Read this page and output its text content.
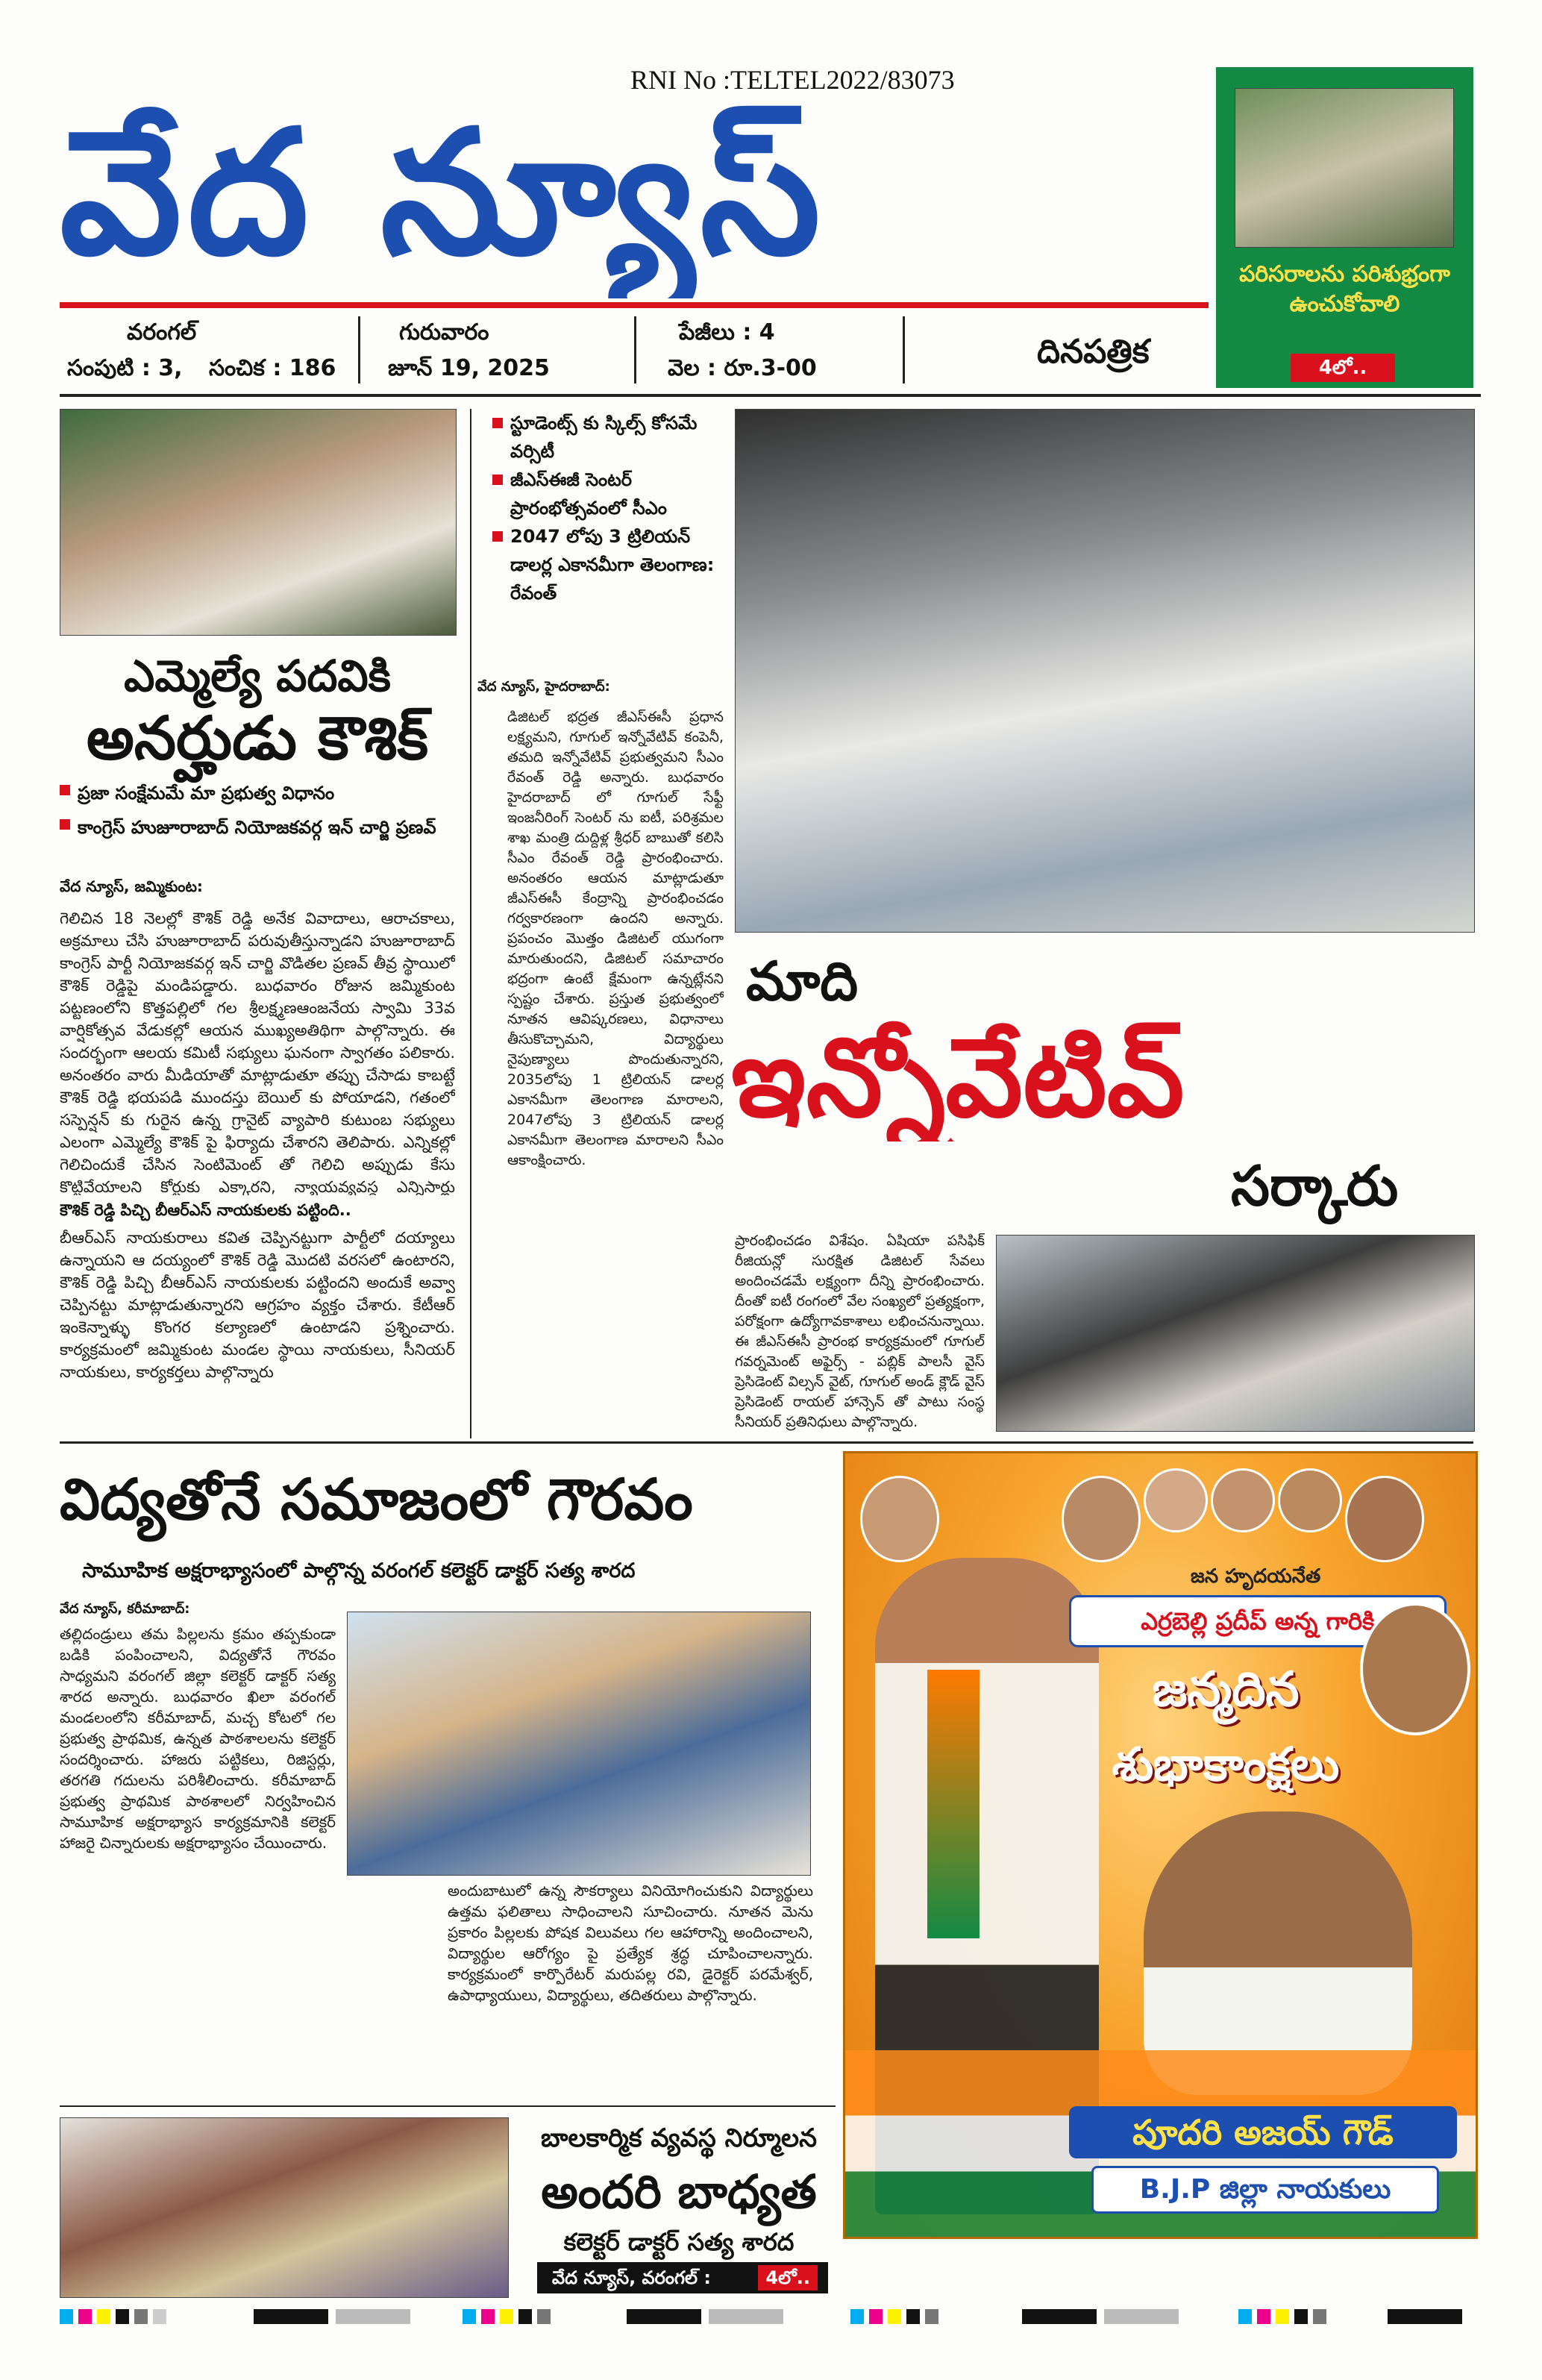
RNI No :TELTEL2022/83073
వేద న్యూస్
వరంగల్
సంపుటి : 3, సంచిక : 186
గురువారం
జూన్ 19, 2025
పేజీలు : 4
వెల : రూ.3-00	దినపత్రిక
పరిసరాలను పరిశుభ్రంగా ఉంచుకోవాలి
4లో..
ఎమ్మెల్యే పదవికి
అనర్హుడు కౌశిక్
ప్రజా సంక్షేమమే మా ప్రభుత్వ విధానం
కాంగ్రెస్ హుజూరాబాద్ నియోజకవర్గ ఇన్ చార్జి ప్రణవ్
వేద న్యూస్, జమ్మికుంట:
గెలిచిన 18 నెలల్లో కౌశిక్ రెడ్డి అనేక వివాదాలు, ఆరాచకాలు, అక్రమాలు చేసి హుజూరాబాద్ పరువుతీస్తున్నాడని హుజూరాబాద్ కాంగ్రెస్ పార్టీ నియోజకవర్గ ఇన్ చార్జి వొడితల ప్రణవ్ తీవ్ర స్థాయిలో కౌశిక్ రెడ్డిపై మండిపడ్డారు. బుధవారం రోజున జమ్మికుంట పట్టణంలోని కొత్తపల్లిలో గల శ్రీలక్ష్మణఆంజనేయ స్వామి 33వ వార్షికోత్సవ వేడుకల్లో ఆయన ముఖ్యఅతిథిగా పాల్గొన్నారు. ఈ సందర్భంగా ఆలయ కమిటీ సభ్యులు ఘనంగా స్వాగతం పలికారు. అనంతరం వారు మీడియాతో మాట్లాడుతూ తప్పు చేసాడు కాబట్టే కౌశిక్ రెడ్డి భయపడి ముందస్తు బెయిల్ కు పోయాడని, గతంలో సస్పెన్షన్ కు గురైన ఉన్న గ్రానైట్ వ్యాపారి కుటుంబ సభ్యులు ఎలంగా ఎమ్మెల్యే కౌశిక్ పై ఫిర్యాదు చేశారని తెలిపారు. ఎన్నికల్లో గెలిచిందుకే చేసిన సెంటిమెంట్ తో గెలిచి అప్పుడు కేసు కొట్టివేయాలని కోర్టుకు ఎక్కారని, న్యాయవ్యవస్థ ఎన్నిసార్లు
కౌశిక్ రెడ్డి పిచ్చి బీఆర్ఎస్ నాయకులకు పట్టింది..
బీఆర్ఎస్ నాయకురాలు కవిత చెప్పినట్టుగా పార్టీలో దయ్యాలు ఉన్నాయని ఆ దయ్యంలో కౌశిక్ రెడ్డి మొదటి వరసలో ఉంటారని, కౌశిక్ రెడ్డి పిచ్చి బీఆర్ఎస్ నాయకులకు పట్టిందని అందుకే అవ్వా చెప్పినట్టు మాట్లాడుతున్నారని ఆగ్రహం వ్యక్తం చేశారు. కేటీఆర్ ఇంకెన్నాళ్ళు కొంగర కల్యాణలో ఉంటాడని ప్రశ్నించారు. కార్యక్రమంలో జమ్మికుంట మండల స్థాయి నాయకులు, సీనియర్ నాయకులు, కార్యకర్తలు పాల్గొన్నారు
స్టూడెంట్స్ కు స్కిల్స్ కోసమే వర్సిటీ
జీఎస్ఈజీ సెంటర్ ప్రారంభోత్సవంలో సీఎం
2047 లోపు 3 ట్రిలియన్ డాలర్ల ఎకానమీగా తెలంగాణ: రేవంత్
వేద న్యూస్, హైదరాబాద్:
డిజిటల్ భద్రత జీఎస్ఈసీ ప్రధాన లక్ష్యమని, గూగుల్ ఇన్నోవేటివ్ కంపెనీ, తమది ఇన్నోవేటివ్ ప్రభుత్వమని సీఎం రేవంత్ రెడ్డి అన్నారు. బుధవారం హైదరాబాద్ లో గూగుల్ సేఫ్టీ ఇంజనీరింగ్ సెంటర్ ను ఐటీ, పరిశ్రమల శాఖ మంత్రి దుద్దిళ్ల శ్రీధర్ బాబుతో కలిసి సీఎం రేవంత్ రెడ్డి ప్రారంభించారు. అనంతరం ఆయన మాట్లాడుతూ జీఎస్ఈసీ కేంద్రాన్ని ప్రారంభించడం గర్వకారణంగా ఉందని అన్నారు. ప్రపంచం మొత్తం డిజిటల్ యుగంగా మారుతుందని, డిజిటల్ సమాచారం భద్రంగా ఉంటే క్షేమంగా ఉన్నట్లేనని స్పష్టం చేశారు. ప్రస్తుత ప్రభుత్వంలో నూతన ఆవిష్కరణలు, విధానాలు తీసుకొచ్చామని, విద్యార్థులు నైపుణ్యాలు పొందుతున్నారని, 2035లోపు 1 ట్రిలియన్ డాలర్ల ఎకానమీగా తెలంగాణ మారాలని, 2047లోపు 3 ట్రిలియన్ డాలర్ల ఎకానమీగా తెలంగాణ మారాలని సీఎం ఆకాంక్షించారు.
మాది
ఇన్నోవేటివ్
సర్కారు
ప్రారంభించడం విశేషం. ఏషియా పసిఫిక్ రీజియన్లో సురక్షిత డిజిటల్ సేవలు అందించడమే లక్ష్యంగా దీన్ని ప్రారంభించారు. దీంతో ఐటీ రంగంలో వేల సంఖ్యలో ప్రత్యక్షంగా, పరోక్షంగా ఉద్యోగావకాశాలు లభించనున్నాయి. ఈ జీఎస్ఈసీ ప్రారంభ కార్యక్రమంలో గూగుల్ గవర్నమెంట్ అఫైర్స్ - పబ్లిక్ పాలసీ వైస్ ప్రెసిడెంట్ విల్సన్ వైట్, గూగుల్ అండ్ క్లౌడ్ వైస్ ప్రెసిడెంట్ రాయల్ హాన్సెన్ తో పాటు సంస్థ సీనియర్ ప్రతినిధులు పాల్గొన్నారు.
విద్యతోనే సమాజంలో గౌరవం
సామూహిక అక్షరాభ్యాసంలో పాల్గొన్న వరంగల్ కలెక్టర్ డాక్టర్ సత్య శారద
వేద న్యూస్, కరీమాబాద్:
తల్లిదండ్రులు తమ పిల్లలను క్రమం తప్పకుండా బడికి పంపించాలని, విద్యతోనే గౌరవం సాధ్యమని వరంగల్ జిల్లా కలెక్టర్ డాక్టర్ సత్య శారద అన్నారు. బుధవారం ఖిలా వరంగల్ మండలంలోని కరీమాబాద్, మచ్చ కోటలో గల ప్రభుత్వ ప్రాథమిక, ఉన్నత పాఠశాలలను కలెక్టర్ సందర్శించారు. హాజరు పట్టికలు, రిజిస్టర్లు, తరగతి గదులను పరిశీలించారు. కరీమాబాద్ ప్రభుత్వ ప్రాథమిక పాఠశాలలో నిర్వహించిన సామూహిక అక్షరాభ్యాస కార్యక్రమానికి కలెక్టర్ హాజరై చిన్నారులకు అక్షరాభ్యాసం చేయించారు.
అందుబాటులో ఉన్న సౌకర్యాలు వినియోగించుకుని విద్యార్థులు ఉత్తమ ఫలితాలు సాధించాలని సూచించారు. నూతన మెను ప్రకారం పిల్లలకు పోషక విలువలు గల ఆహారాన్ని అందించాలని, విద్యార్థుల ఆరోగ్యం పై ప్రత్యేక శ్రద్ధ చూపించాలన్నారు. కార్యక్రమంలో కార్పొరేటర్ మరుపల్ల రవి, డైరెక్టర్ పరమేశ్వర్, ఉపాధ్యాయులు, విద్యార్థులు, తదితరులు పాల్గొన్నారు.
బాలకార్మిక వ్యవస్థ నిర్మూలన
అందరి బాధ్యత
కలెక్టర్ డాక్టర్ సత్య శారద
వేద న్యూస్, వరంగల్ :	4లో..
జన హృదయనేత
ఎర్రబెల్లి ప్రదీప్ అన్న గారికి
జన్మదిన
శుభాకాంక్షలు
పూదరి అజయ్ గౌడ్
B.J.P జిల్లా నాయకులు
